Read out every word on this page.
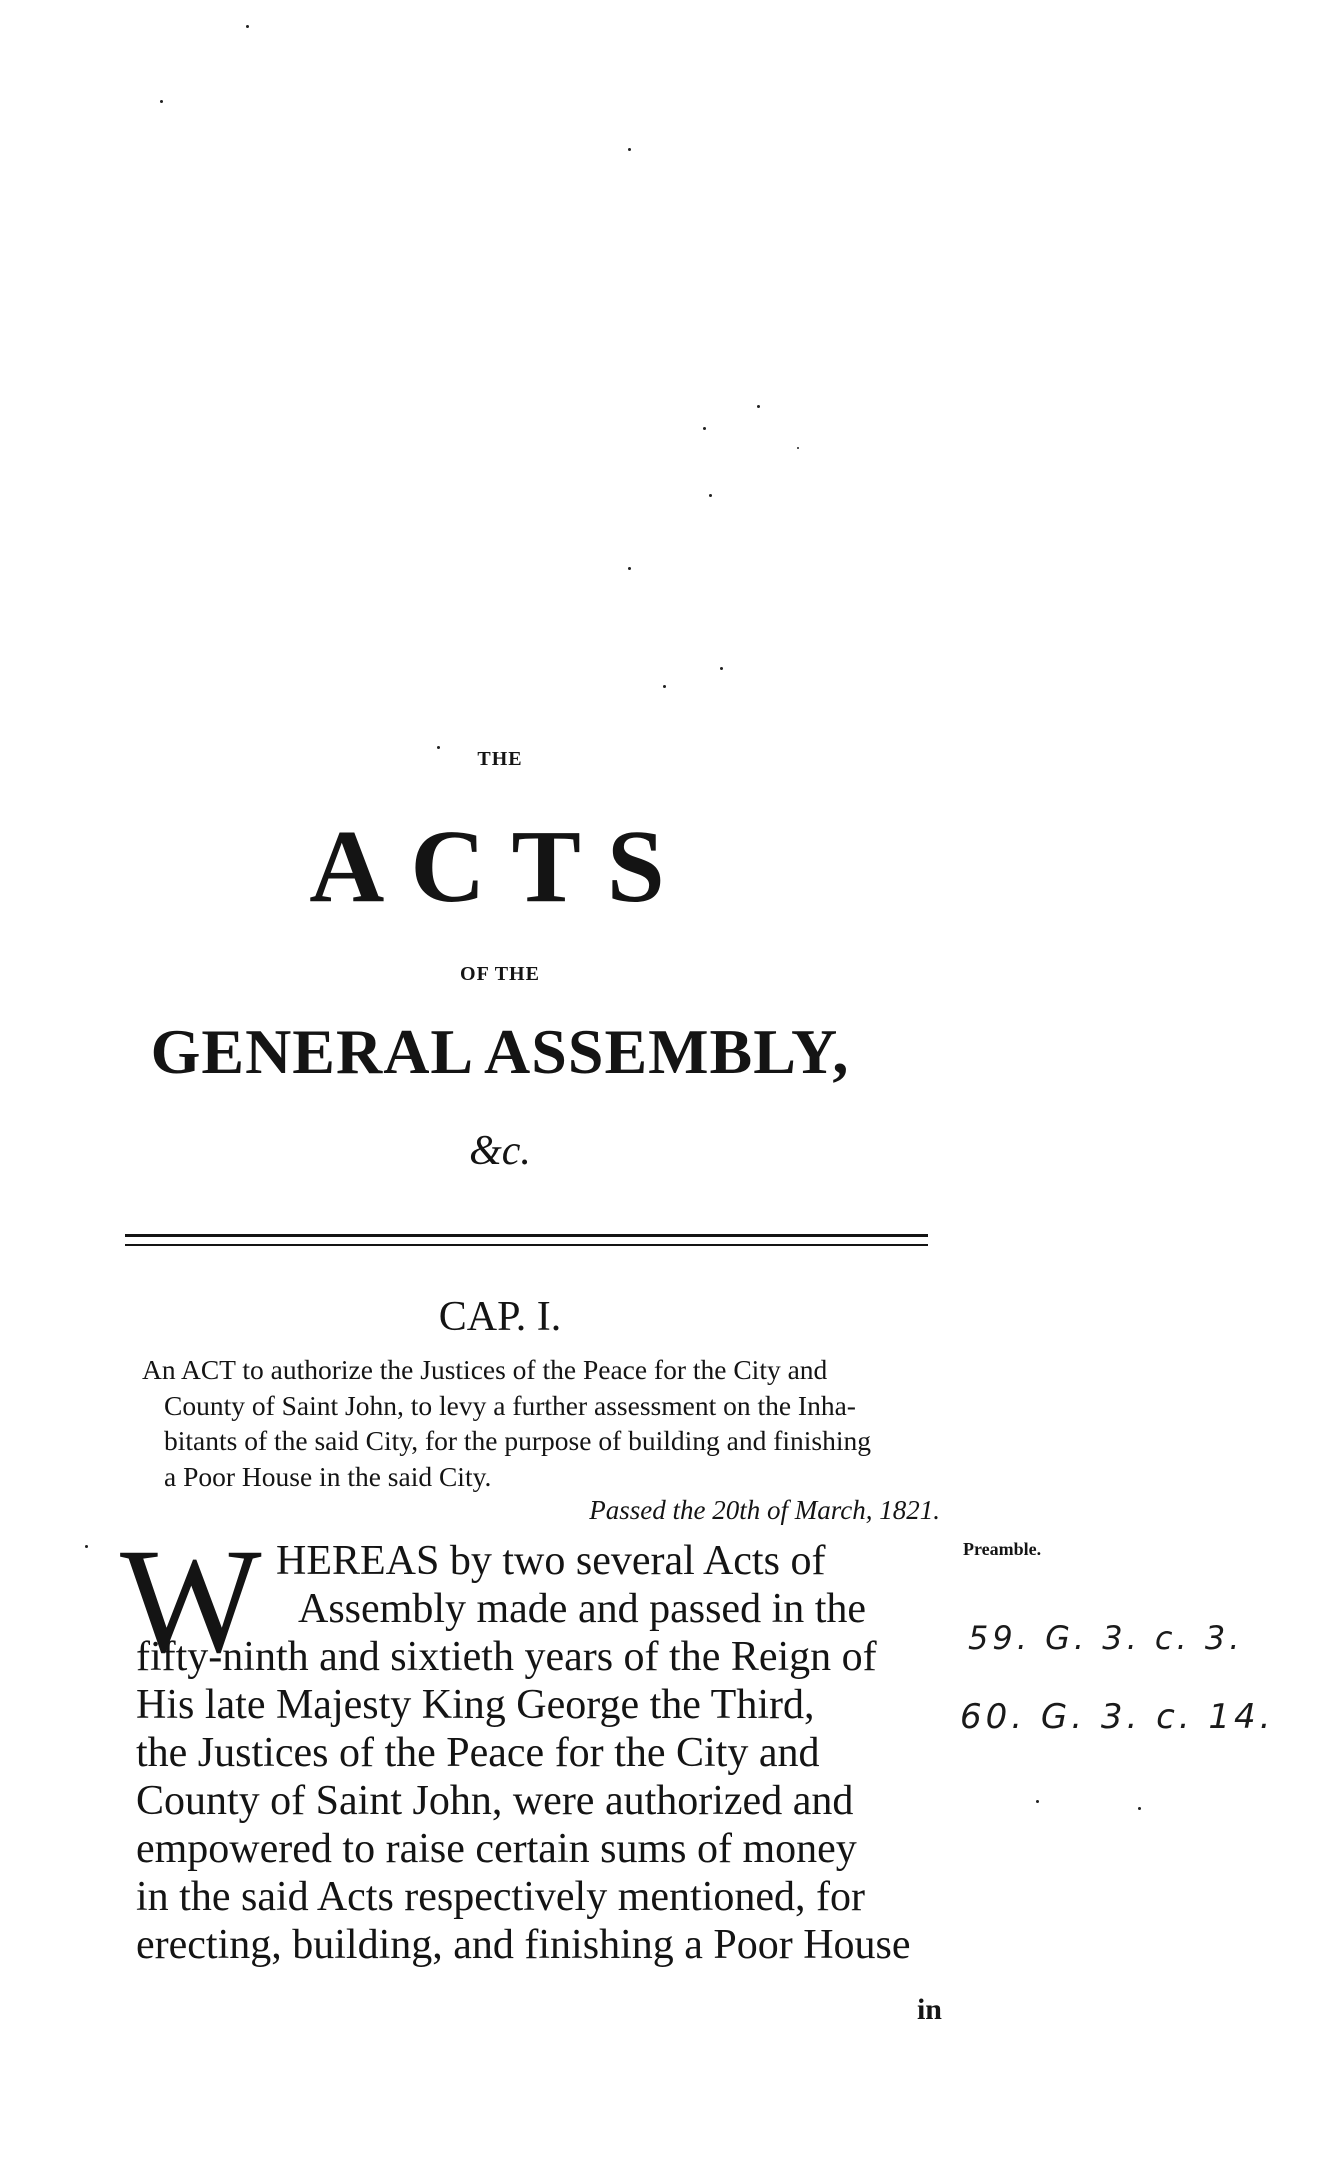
THE
ACTS
OF THE
GENERAL ASSEMBLY,
&c.
CAP. I.
An ACT to authorize the Justices of the Peace for the City and
County of Saint John, to levy a further assessment on the Inha-
bitants of the said City, for the purpose of building and finishing
a Poor House in the said City.
Passed the 20th of March, 1821.
W HEREAS by two several Acts of
Assembly made and passed in the
fifty-ninth and sixtieth years of the Reign of
His late Majesty King George the Third,
the Justices of the Peace for the City and
County of Saint John, were authorized and
empowered to raise certain sums of money
in the said Acts respectively mentioned, for
erecting, building, and finishing a Poor House
in
Preamble.
59. G. 3. c. 3.
60. G. 3. c. 14.
